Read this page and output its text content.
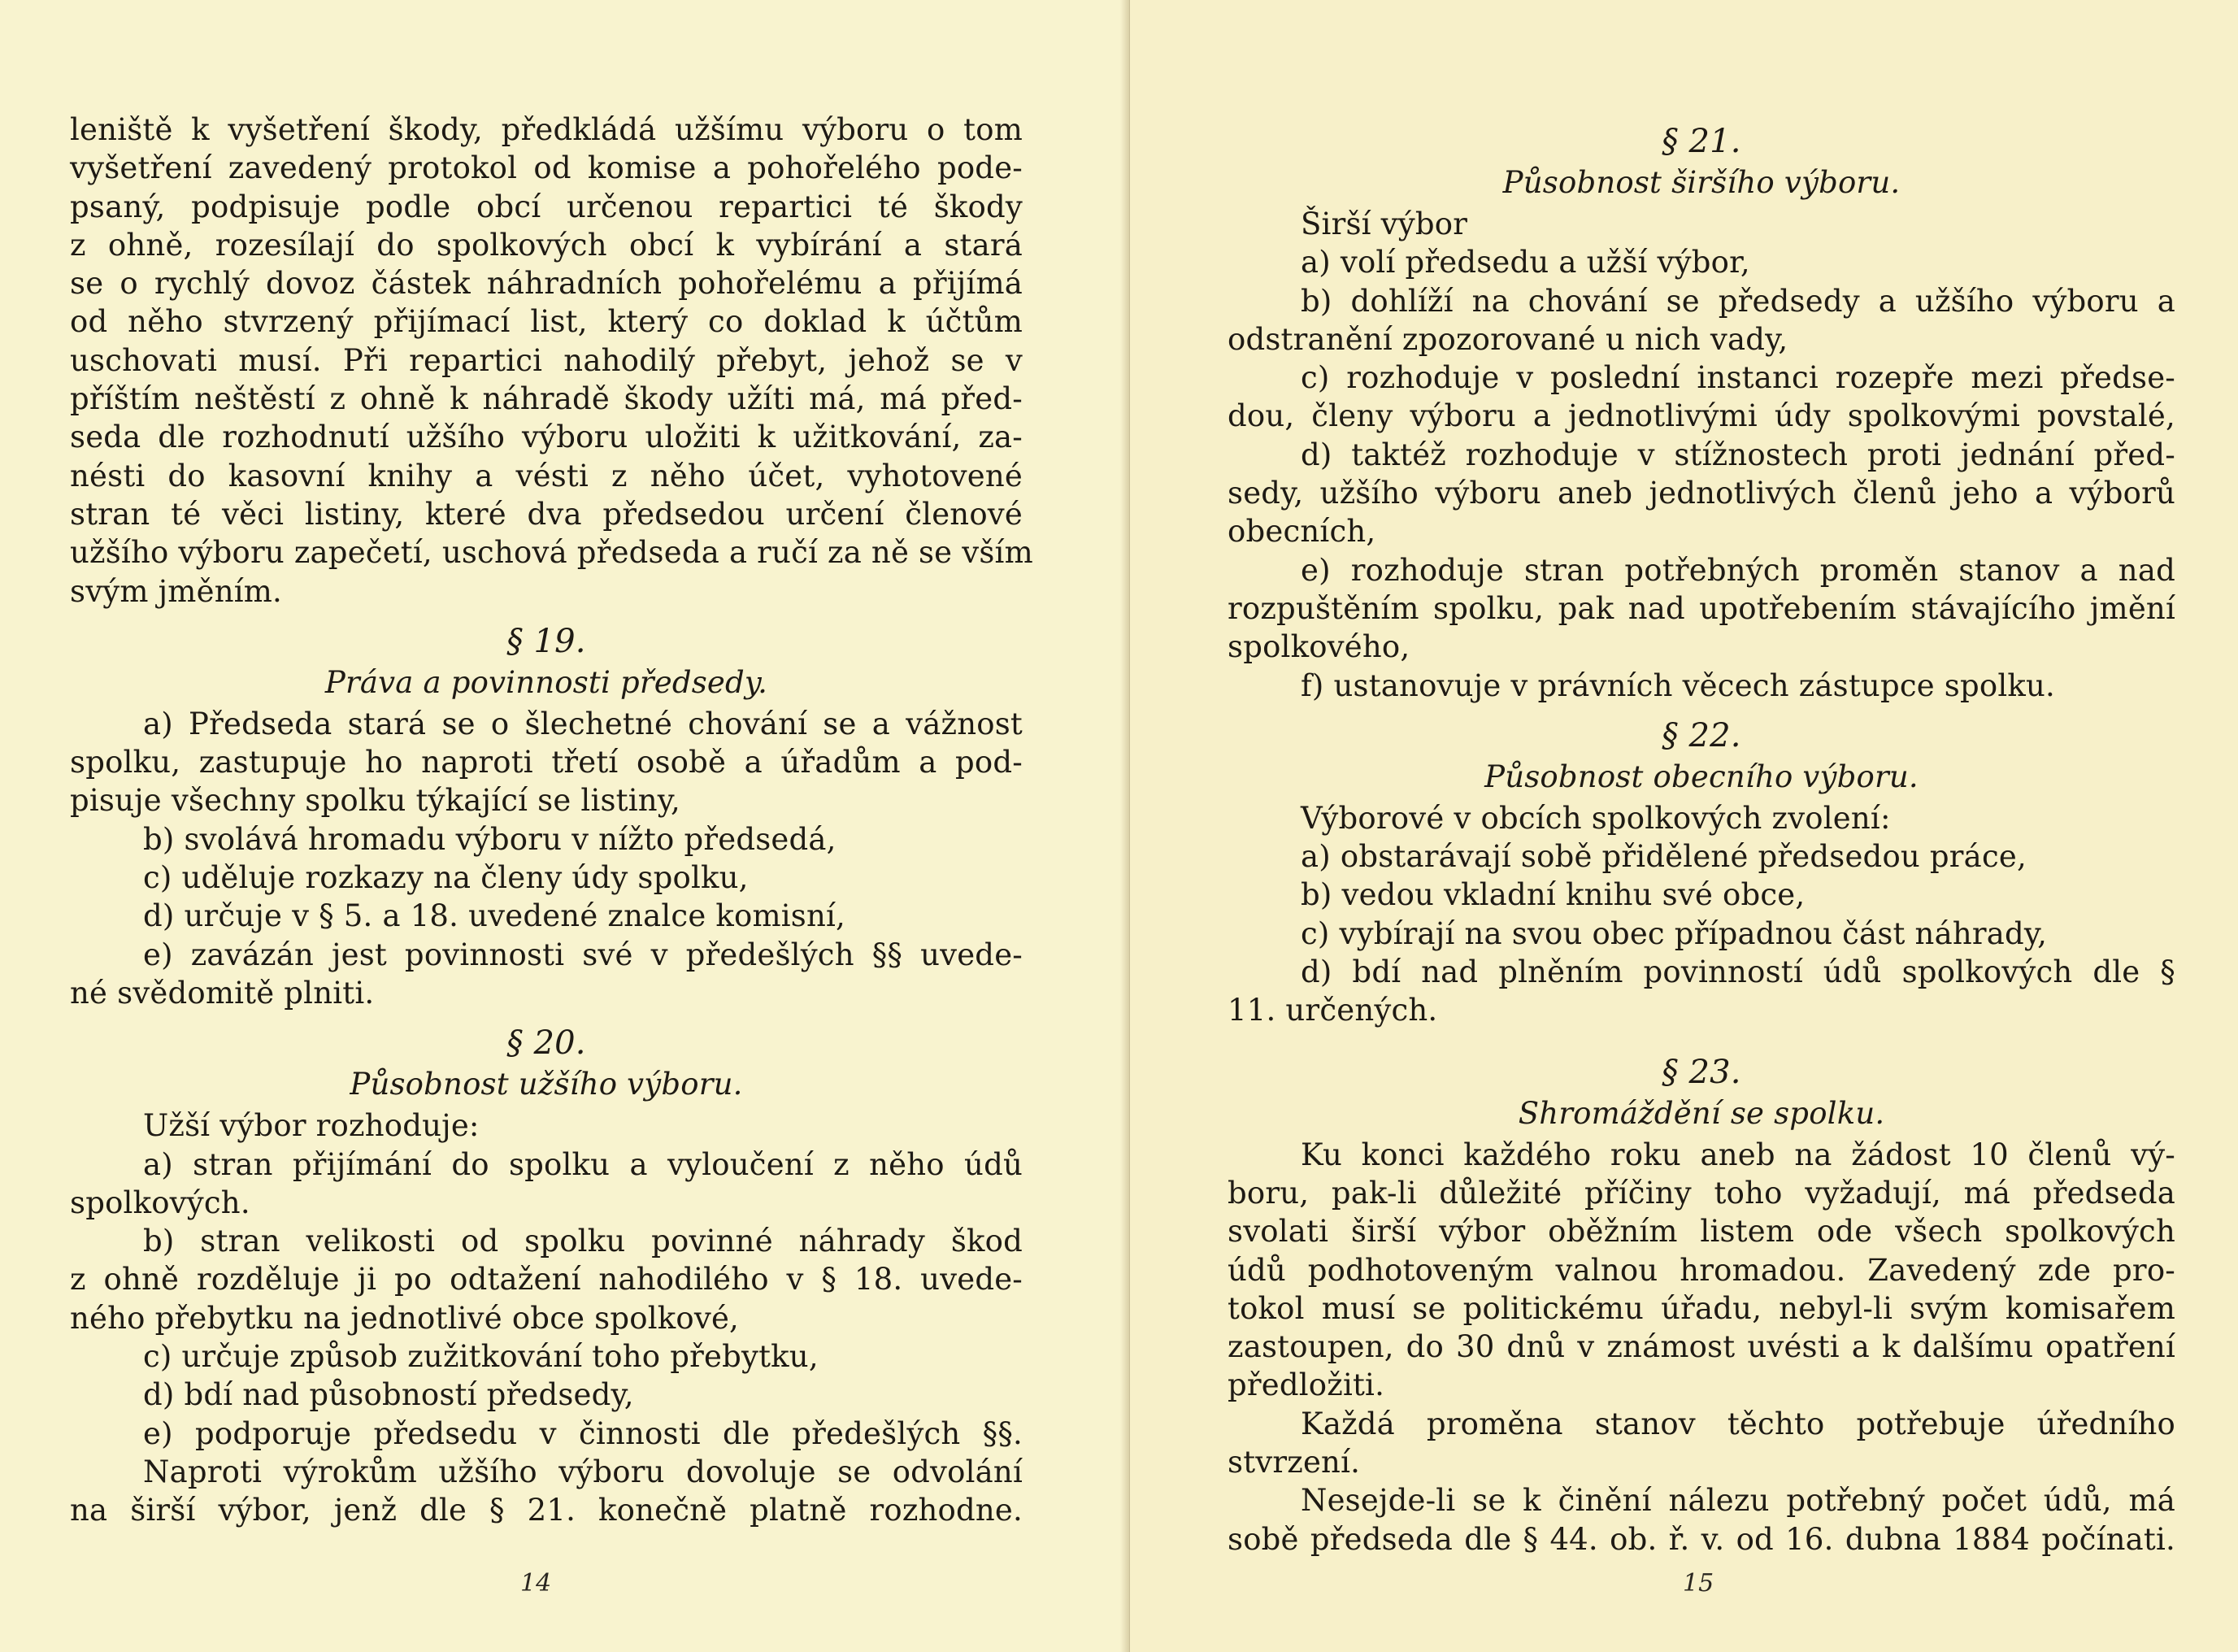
leniště k vyšetření škody, předkládá užšímu výboru o tom
vyšetření zavedený protokol od komise a pohořelého pode-
psaný, podpisuje podle obcí určenou repartici té škody
z ohně, rozesílají do spolkových obcí k vybírání a stará
se o rychlý dovoz částek náhradních pohořelému a přijímá
od něho stvrzený přijímací list, který co doklad k účtům
uschovati musí. Při repartici nahodilý přebyt, jehož se v
příštím neštěstí z ohně k náhradě škody užíti má, má před-
seda dle rozhodnutí užšího výboru uložiti k užitkování, za-
nésti do kasovní knihy a vésti z něho účet, vyhotovené
stran té věci listiny, které dva předsedou určení členové
užšího výboru zapečetí, uschová předseda a ručí za ně se vším
svým jměním.
§ 19.
Práva a povinnosti předsedy.
a) Předseda stará se o šlechetné chování se a vážnost
spolku, zastupuje ho naproti třetí osobě a úřadům a pod-
pisuje všechny spolku týkající se listiny,
b) svolává hromadu výboru v nížto předsedá,
c) uděluje rozkazy na členy údy spolku,
d) určuje v § 5. a 18. uvedené znalce komisní,
e) zavázán jest povinnosti své v předešlých §§ uvede-
né svědomitě plniti.
§ 20.
Působnost užšího výboru.
Užší výbor rozhoduje:
a) stran přijímání do spolku a vyloučení z něho údů
spolkových.
b) stran velikosti od spolku povinné náhrady škod
z ohně rozděluje ji po odtažení nahodilého v § 18. uvede-
ného přebytku na jednotlivé obce spolkové,
c) určuje způsob zužitkování toho přebytku,
d) bdí nad působností předsedy,
e) podporuje předsedu v činnosti dle předešlých §§.
Naproti výrokům užšího výboru dovoluje se odvolání
na širší výbor, jenž dle § 21. konečně platně rozhodne.
14
§ 21.
Působnost širšího výboru.
Širší výbor
a) volí předsedu a užší výbor,
b) dohlíží na chování se předsedy a užšího výboru a
odstranění zpozorované u nich vady,
c) rozhoduje v poslední instanci rozepře mezi předse-
dou, členy výboru a jednotlivými údy spolkovými povstalé,
d) taktéž rozhoduje v stížnostech proti jednání před-
sedy, užšího výboru aneb jednotlivých členů jeho a výborů
obecních,
e) rozhoduje stran potřebných proměn stanov a nad
rozpuštěním spolku, pak nad upotřebením stávajícího jmění
spolkového,
f) ustanovuje v právních věcech zástupce spolku.
§ 22.
Působnost obecního výboru.
Výborové v obcích spolkových zvolení:
a) obstarávají sobě přidělené předsedou práce,
b) vedou vkladní knihu své obce,
c) vybírají na svou obec případnou část náhrady,
d) bdí nad plněním povinností údů spolkových dle §
11. určených.
§ 23.
Shromáždění se spolku.
Ku konci každého roku aneb na žádost 10 členů vý-
boru, pak-li důležité příčiny toho vyžadují, má předseda
svolati širší výbor oběžním listem ode všech spolkových
údů podhotoveným valnou hromadou. Zavedený zde pro-
tokol musí se politickému úřadu, nebyl-li svým komisařem
zastoupen, do 30 dnů v známost uvésti a k dalšímu opatření
předložiti.
Každá proměna stanov těchto potřebuje úředního
stvrzení.
Nesejde-li se k činění nálezu potřebný počet údů, má
sobě předseda dle § 44. ob. ř. v. od 16. dubna 1884 počínati.
15
